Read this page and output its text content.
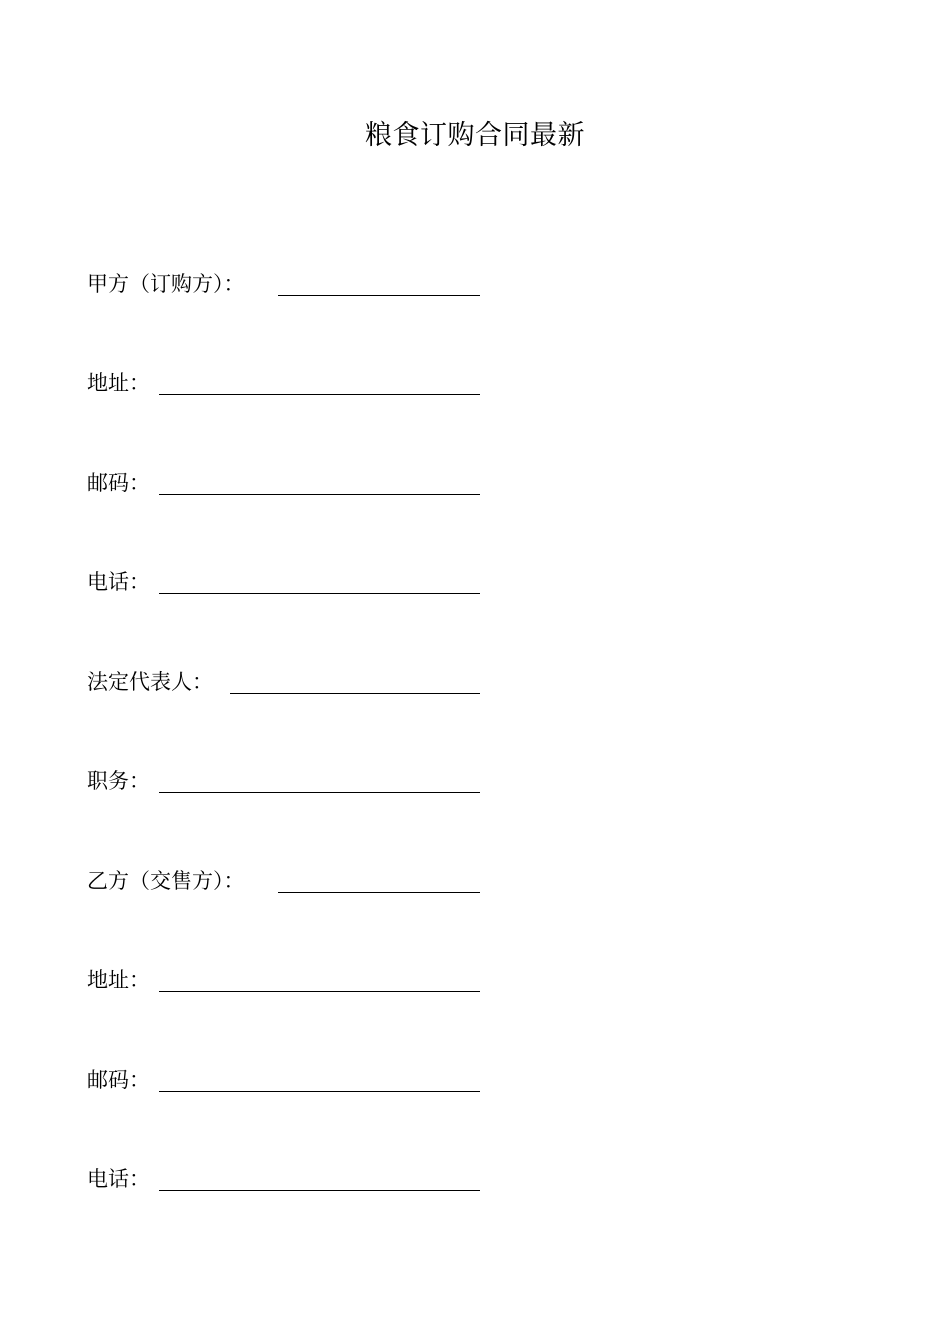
粮食订购合同最新
甲方（订购方）：
地址：
邮码：
电话：
法定代表人：
职务：
乙方（交售方）：
地址：
邮码：
电话：
